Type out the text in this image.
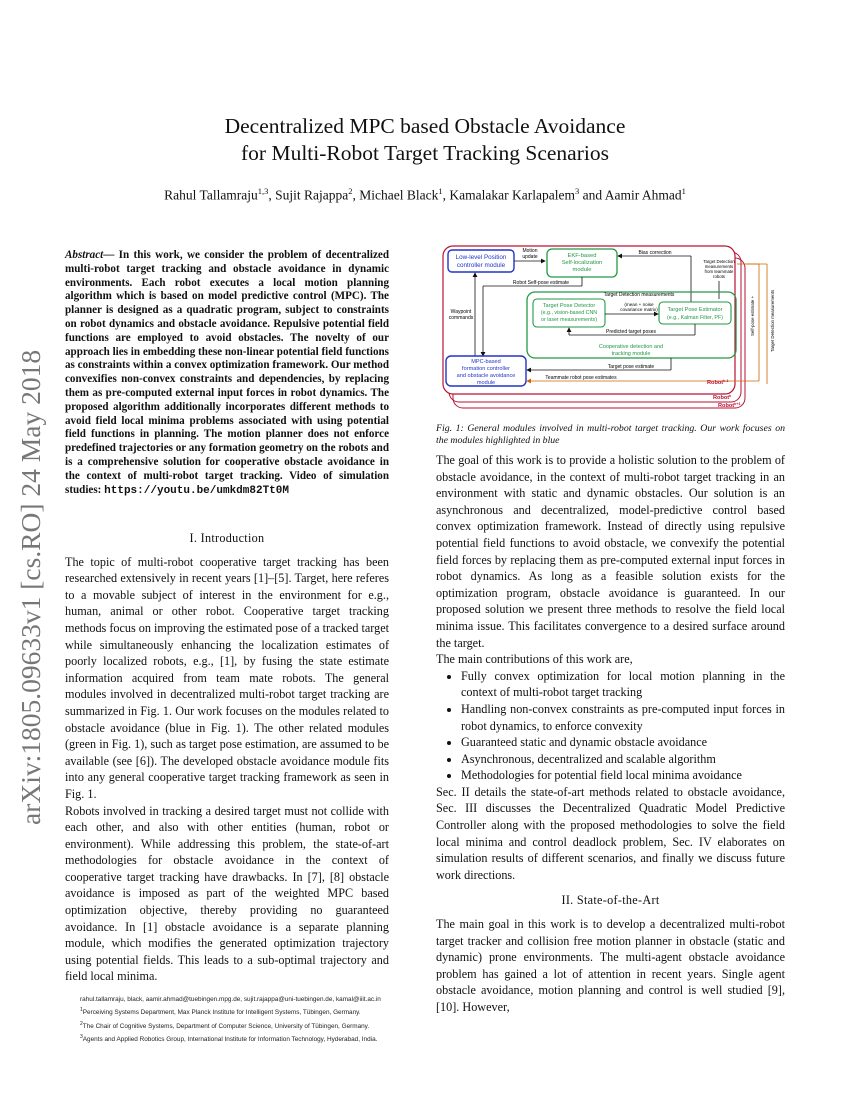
arXiv:1805.09633v1 [cs.RO] 24 May 2018
Decentralized MPC based Obstacle Avoidance
for Multi-Robot Target Tracking Scenarios
Rahul Tallamraju$^{1,3}$, Sujit Rajappa$^2$, Michael Black$^1$, Kamalakar Karlapalem$^3$ and Aamir Ahmad$^1$
Abstract— In this work, we consider the problem of decentralized multi-robot target tracking and obstacle avoidance in dynamic environments. Each robot executes a local motion planning algorithm which is based on model predictive control (MPC). The planner is designed as a quadratic program, subject to constraints on robot dynamics and obstacle avoidance. Repulsive potential field functions are employed to avoid obstacles. The novelty of our approach lies in embedding these non-linear potential field functions as constraints within a convex optimization framework. Our method convexifies non-convex constraints and dependencies, by replacing them as pre-computed external input forces in robot dynamics. The proposed algorithm additionally incorporates different methods to avoid field local minima problems associated with using potential field functions in planning. The motion planner does not enforce predefined trajectories or any formation geometry on the robots and is a comprehensive solution for cooperative obstacle avoidance in the context of multi-robot target tracking. Video of simulation studies: https://youtu.be/umkdm82Tt0M

I. Introduction

The topic of multi-robot cooperative target tracking has been researched extensively in recent years [1]–[5]. Target, here referes to a movable subject of interest in the environment for e.g., human, animal or other robot. Cooperative target tracking methods focus on improving the estimated pose of a tracked target while simultaneously enhancing the localization estimates of poorly localized robots, e.g., [1], by fusing the state estimate information acquired from team mate robots. The general modules involved in decentralized multi-robot target tracking are summarized in Fig. 1. Our work focuses on the modules related to obstacle avoidance (blue in Fig. 1). The other related modules (green in Fig. 1), such as target pose estimation, are assumed to be available (see [6]). The developed obstacle avoidance module fits into any general cooperative target tracking framework as seen in Fig. 1.

Robots involved in tracking a desired target must not collide with each other, and also with other entities (human, robot or environment). While addressing this problem, the state-of-art methodologies for obstacle avoidance in the context of cooperative target tracking have drawbacks. In [7], [8] obstacle avoidance is imposed as part of the weighted MPC based optimization objective, thereby providing no guaranteed avoidance. In [1] obstacle avoidance is a separate planning module, which modifies the generated optimization trajectory using potential fields. This leads to a sub-optimal trajectory and field local minima.

rahul.tallamraju, black, aamir.ahmad@tuebingen.mpg.de, sujit.rajappa@uni-tuebingen.de, kamal@iiit.ac.in
$^1$Perceiving Systems Department, Max Planck Institute for Intelligent Systems, Tübingen, Germany.
$^2$The Chair of Cognitive Systems, Department of Computer Science, University of Tübingen, Germany.
$^3$Agents and Applied Robotics Group, International Institute for Information Technology, Hyderabad, India.
Low-level Position
controller module
Motion
update	EKF-based
Self-localization
module
Bias correction
Target Detection
measurements
from teammate
robots
Robot Self-pose estimate
Waypoint
commands
Target Detection measurements
(mean + noise
covariance matrix)
Target Pose Detector
(e.g., vision-based CNN
or laser measurements)
Target Pose Estimator
(e.g., Kalman Filter, PF)
Predicted target poses
Cooperative detection and
tracking module
MPC-based
formation controller
and obstacle avoidance
module
Target pose estimate
Teammate robot pose estimates
Self-pose estimate +	Target Detection measurements
Robot$^{k-1}$
Robot$^k$
Robot$^{k+1}$
Fig. 1: General modules involved in multi-robot target tracking. Our work focuses on the modules highlighted in blue

The goal of this work is to provide a holistic solution to the problem of obstacle avoidance, in the context of multi-robot target tracking in an environment with static and dynamic obstacles. Our solution is an asynchronous and decentralized, model-predictive control based convex optimization framework. Instead of directly using repulsive potential field functions to avoid obstacle, we convexify the potential field forces by replacing them as pre-computed external input forces in robot dynamics. As long as a feasible solution exists for the optimization program, obstacle avoidance is guaranteed. In our proposed solution we present three methods to resolve the field local minima issue. This facilitates convergence to a desired surface around the target.

The main contributions of this work are,

• Fully convex optimization for local motion planning in the context of multi-robot target tracking
• Handling non-convex constraints as pre-computed input forces in robot dynamics, to enforce convexity
• Guaranteed static and dynamic obstacle avoidance
• Asynchronous, decentralized and scalable algorithm
• Methodologies for potential field local minima avoidance

Sec. II details the state-of-art methods related to obstacle avoidance, Sec. III discusses the Decentralized Quadratic Model Predictive Controller along with the proposed methodologies to solve the field local minima and control deadlock problem, Sec. IV elaborates on simulation results of different scenarios, and finally we discuss future work directions.

II. State-of-the-Art

The main goal in this work is to develop a decentralized multi-robot target tracker and collision free motion planner in obstacle (static and dynamic) prone environments. The multi-agent obstacle avoidance problem has gained a lot of attention in recent years. Single agent obstacle avoidance, motion planning and control is well studied [9], [10]. However,
